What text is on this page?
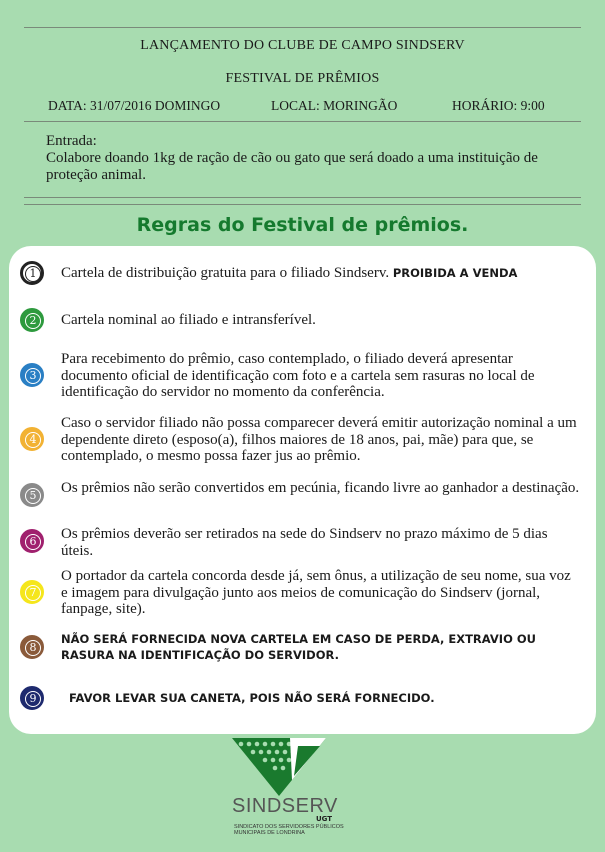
LANÇAMENTO DO CLUBE DE CAMPO SINDSERV
FESTIVAL DE PRÊMIOS
DATA: 31/07/2016 DOMINGO	LOCAL: MORINGÃO	HORÁRIO: 9:00
Entrada:
Colabore doando 1kg de ração de cão ou gato que será doado a uma instituição de proteção animal.
Regras do Festival de prêmios.
1	Cartela de distribuição gratuita para o filiado Sindserv. PROIBIDA A VENDA
2	Cartela nominal ao filiado e intransferível.
3
Para recebimento do prêmio, caso contemplado, o filiado deverá apresentar documento oficial de identificação com foto e a cartela sem rasuras no local de identificação do servidor no momento da conferência.
4
Caso o servidor filiado não possa comparecer deverá emitir autorização nominal a um dependente direto (esposo(a), filhos maiores de 18 anos, pai, mãe) para que, se contemplado, o mesmo possa fazer jus ao prêmio.
5	Os prêmios não serão convertidos em pecúnia, ficando livre ao ganhador a destinação.
6	Os prêmios deverão ser retirados na sede do Sindserv no prazo máximo de 5 dias úteis.
7
O portador da cartela concorda desde já, sem ônus, a utilização de seu nome, sua voz e imagem para divulgação junto aos meios de comunicação do Sindserv (jornal, fanpage, site).
8
NÃO SERÁ FORNECIDA NOVA CARTELA EM CASO DE PERDA, EXTRAVIO OU RASURA NA IDENTIFICAÇÃO DO SERVIDOR.
9	FAVOR LEVAR SUA CANETA, POIS NÃO SERÁ FORNECIDO.
SINDSERV
UGT
SINDICATO DOS SERVIDORES PÚBLICOS MUNICIPAIS DE LONDRINA
